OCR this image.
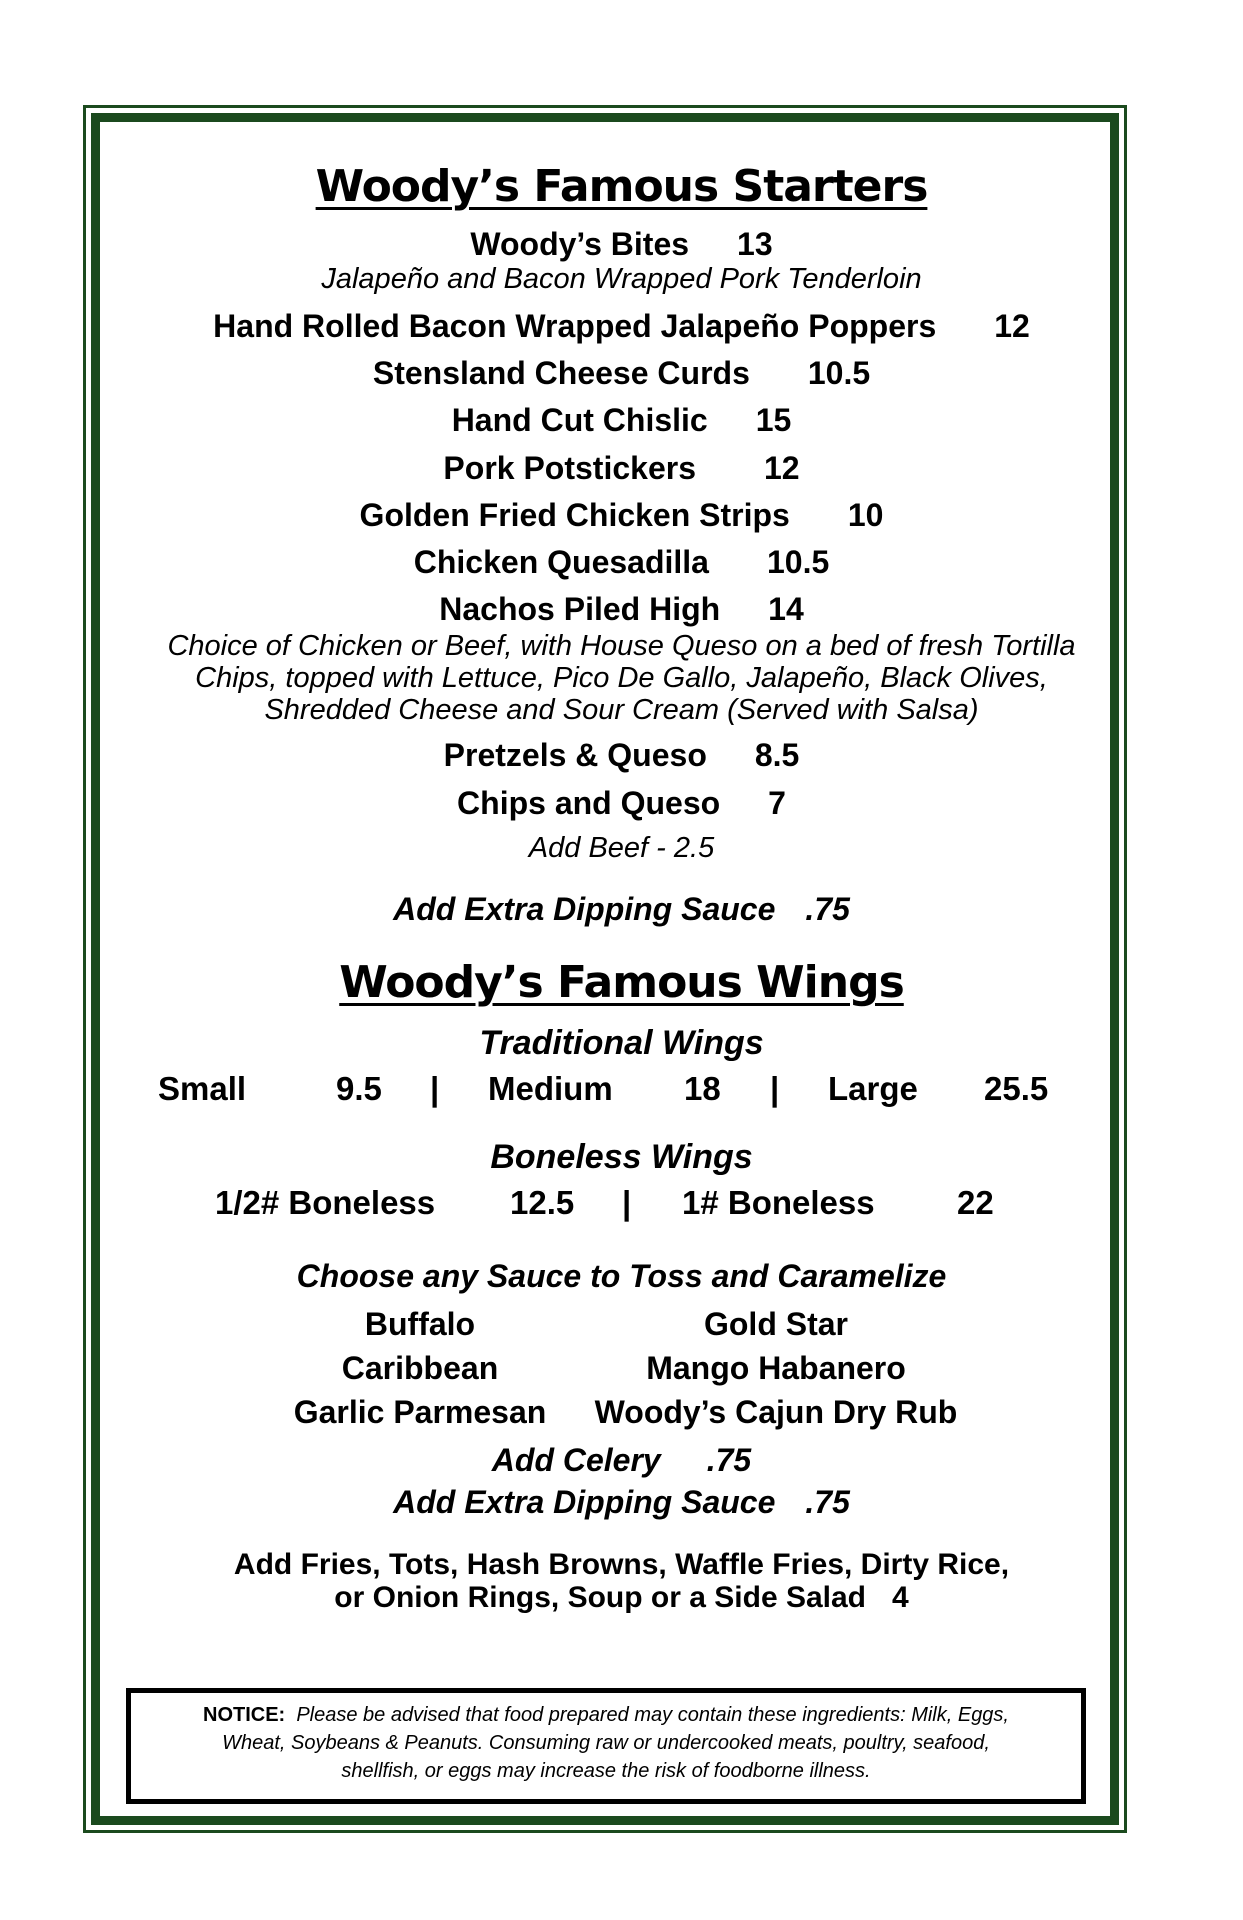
Woody’s Famous Starters
Woody’s Bites 13
Jalapeño and Bacon Wrapped Pork Tenderloin
Hand Rolled Bacon Wrapped Jalapeño Poppers 12
Stensland Cheese Curds 10.5
Hand Cut Chislic 15
Pork Potstickers 12
Golden Fried Chicken Strips 10
Chicken Quesadilla 10.5
Nachos Piled High 14
Choice of Chicken or Beef, with House Queso on a bed of fresh Tortilla
Chips, topped with Lettuce, Pico De Gallo, Jalapeño, Black Olives,
Shredded Cheese and Sour Cream (Served with Salsa)
Pretzels & Queso 8.5
Chips and Queso 7
Add Beef - 2.5
Add Extra Dipping Sauce .75
Woody’s Famous Wings
Traditional Wings
Small	9.5 | Medium 18 | Large 25.5
Boneless Wings
1/2# Boneless 12.5 | 1# Boneless 22
Choose any Sauce to Toss and Caramelize
Buffalo
Caribbean
Garlic Parmesan
Gold Star
Mango Habanero
Woody’s Cajun Dry Rub
Add Celery .75
Add Extra Dipping Sauce .75
Add Fries, Tots, Hash Browns, Waffle Fries, Dirty Rice,
or Onion Rings, Soup or a Side Salad 4
NOTICE: Please be advised that food prepared may contain these ingredients: Milk, Eggs,
Wheat, Soybeans & Peanuts. Consuming raw or undercooked meats, poultry, seafood,
shellfish, or eggs may increase the risk of foodborne illness.
